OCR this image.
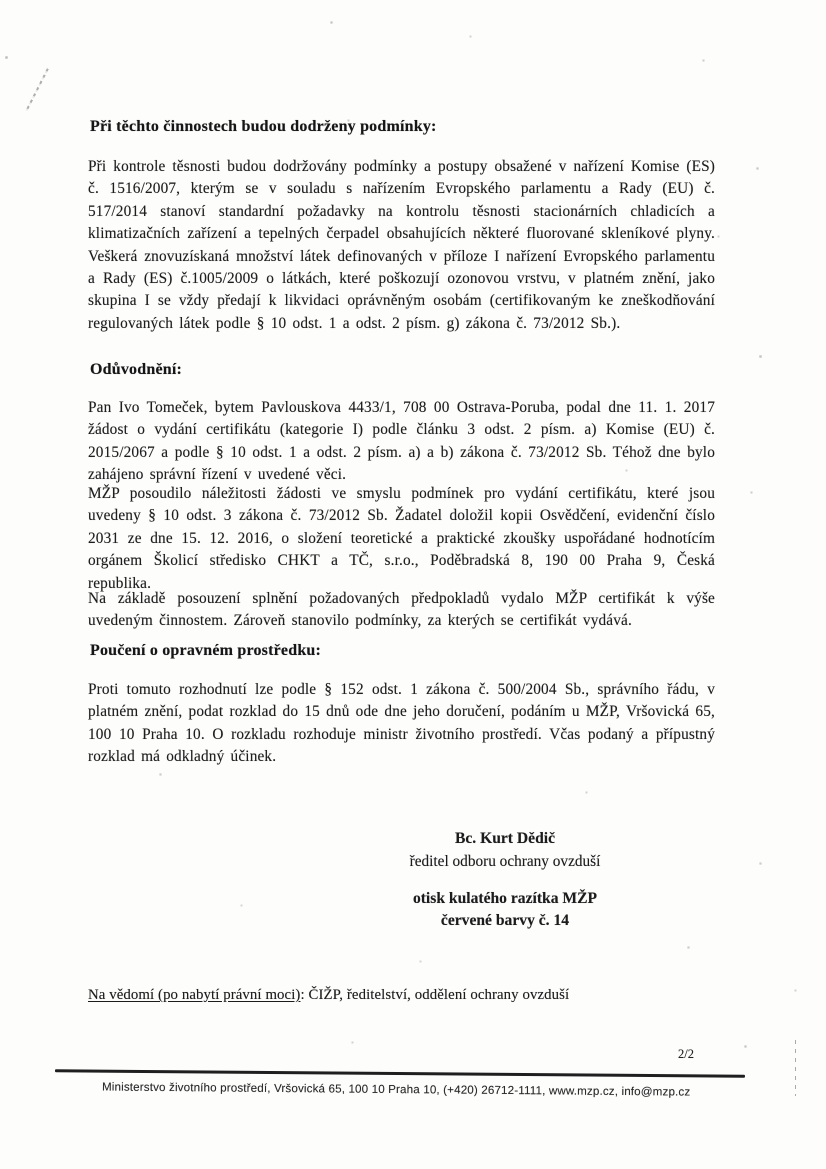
Při těchto činnostech budou dodrženy podmínky:
Při kontrole těsnosti budou dodržovány podmínky a postupy obsažené v nařízení Komise (ES) č. 1516/2007, kterým se v souladu s nařízením Evropského parlamentu a Rady (EU) č. 517/2014 stanoví standardní požadavky na kontrolu těsnosti stacionárních chladicích a klimatizačních zařízení a tepelných čerpadel obsahujících některé fluorované skleníkové plyny. Veškerá znovuzískaná množství látek definovaných v příloze I nařízení Evropského parlamentu a Rady (ES) č.1005/2009 o látkách, které poškozují ozonovou vrstvu, v platném znění, jako skupina I se vždy předají k likvidaci oprávněným osobám (certifikovaným ke zneškodňování regulovaných látek podle § 10 odst. 1 a odst. 2 písm. g) zákona č. 73/2012 Sb.).
Odůvodnění:
Pan Ivo Tomeček, bytem Pavlouskova 4433/1, 708 00 Ostrava-Poruba, podal dne 11. 1. 2017 žádost o vydání certifikátu (kategorie I) podle článku 3 odst. 2 písm. a) Komise (EU) č. 2015/2067 a podle § 10 odst. 1 a odst. 2 písm. a) a b) zákona č. 73/2012 Sb. Téhož dne bylo zahájeno správní řízení v uvedené věci.
MŽP posoudilo náležitosti žádosti ve smyslu podmínek pro vydání certifikátu, které jsou uvedeny § 10 odst. 3 zákona č. 73/2012 Sb. Žadatel doložil kopii Osvědčení, evidenční číslo 2031 ze dne 15. 12. 2016, o složení teoretické a praktické zkoušky uspořádané hodnotícím orgánem Školicí středisko CHKT a TČ, s.r.o., Poděbradská 8, 190 00 Praha 9, Česká republika.
Na základě posouzení splnění požadovaných předpokladů vydalo MŽP certifikát k výše uvedeným činnostem. Zároveň stanovilo podmínky, za kterých se certifikát vydává.
Poučení o opravném prostředku:
Proti tomuto rozhodnutí lze podle § 152 odst. 1 zákona č. 500/2004 Sb., správního řádu, v platném znění, podat rozklad do 15 dnů ode dne jeho doručení, podáním u MŽP, Vršovická 65, 100 10 Praha 10. O rozkladu rozhoduje ministr životního prostředí. Včas podaný a přípustný rozklad má odkladný účinek.
Bc. Kurt Dědič
ředitel odboru ochrany ovzduší
otisk kulatého razítka MŽP
červené barvy č. 14
Na vědomí (po nabytí právní moci): ČIŽP, ředitelství, oddělení ochrany ovzduší
2/2
Ministerstvo životního prostředí, Vršovická 65, 100 10 Praha 10, (+420) 26712-1111, www.mzp.cz, info@mzp.cz
